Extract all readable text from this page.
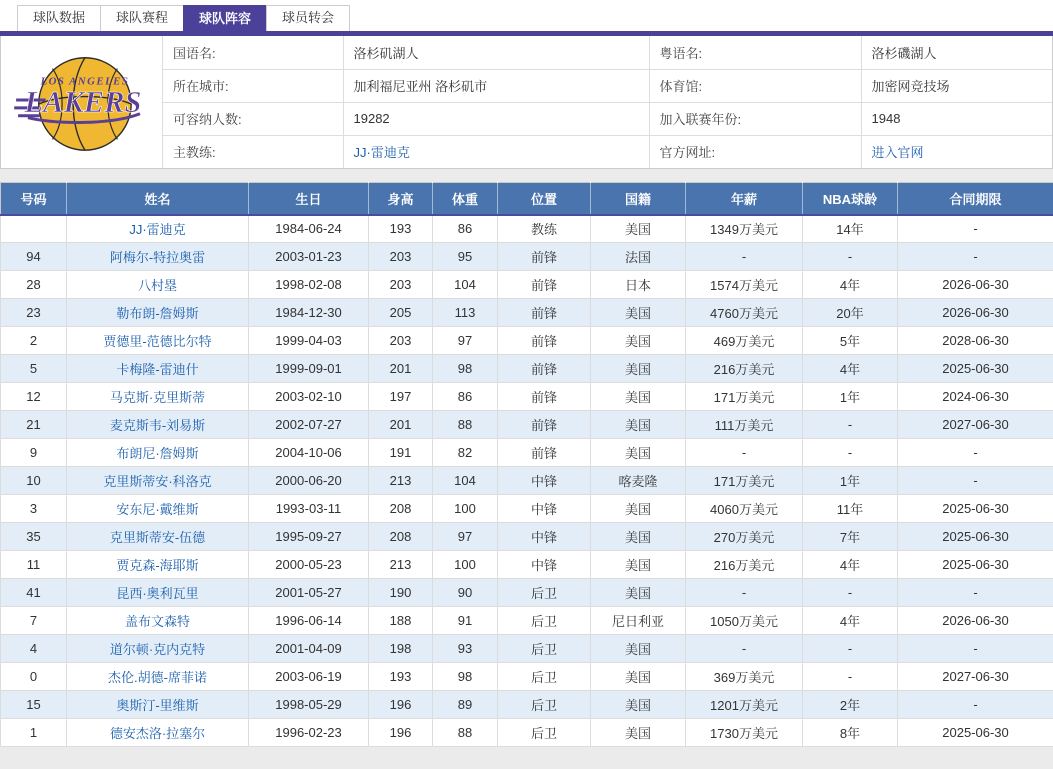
球队数据	球队赛程	球队阵容	球员转会
LOS ANGELES
LAKERS
国语名:	洛杉矶湖人	粤语名:	洛杉磯湖人
所在城市:	加利福尼亚州 洛杉矶市	体育馆:	加密网竞技场
可容纳人数:	19282	加入联赛年份:	1948
主教练:	JJ·雷迪克	官方网址:	进入官网
号码	姓名	生日	身高	体重	位置	国籍	年薪	NBA球龄	合同期限
	JJ·雷迪克	1984-06-24	193	86	教练	美国	1349万美元	14年	-
94	阿梅尔-特拉奥雷	2003-01-23	203	95	前锋	法国	-	-	-
28	八村塁	1998-02-08	203	104	前锋	日本	1574万美元	4年	2026-06-30
23	勒布朗-詹姆斯	1984-12-30	205	113	前锋	美国	4760万美元	20年	2026-06-30
2	贾德里-范德比尔特	1999-04-03	203	97	前锋	美国	469万美元	5年	2028-06-30
5	卡梅隆-雷迪什	1999-09-01	201	98	前锋	美国	216万美元	4年	2025-06-30
12	马克斯·克里斯蒂	2003-02-10	197	86	前锋	美国	171万美元	1年	2024-06-30
21	麦克斯韦-刘易斯	2002-07-27	201	88	前锋	美国	111万美元	-	2027-06-30
9	布朗尼·詹姆斯	2004-10-06	191	82	前锋	美国	-	-	-
10	克里斯蒂安·科洛克	2000-06-20	213	104	中锋	喀麦隆	171万美元	1年	-
3	安东尼·戴维斯	1993-03-11	208	100	中锋	美国	4060万美元	11年	2025-06-30
35	克里斯蒂安-伍德	1995-09-27	208	97	中锋	美国	270万美元	7年	2025-06-30
11	贾克森-海耶斯	2000-05-23	213	100	中锋	美国	216万美元	4年	2025-06-30
41	昆西·奥利瓦里	2001-05-27	190	90	后卫	美国	-	-	-
7	盖布文森特	1996-06-14	188	91	后卫	尼日利亚	1050万美元	4年	2026-06-30
4	道尔顿·克内克特	2001-04-09	198	93	后卫	美国	-	-	-
0	杰伦.胡德-席菲诺	2003-06-19	193	98	后卫	美国	369万美元	-	2027-06-30
15	奥斯汀-里维斯	1998-05-29	196	89	后卫	美国	1201万美元	2年	-
1	德安杰洛·拉塞尔	1996-02-23	196	88	后卫	美国	1730万美元	8年	2025-06-30
